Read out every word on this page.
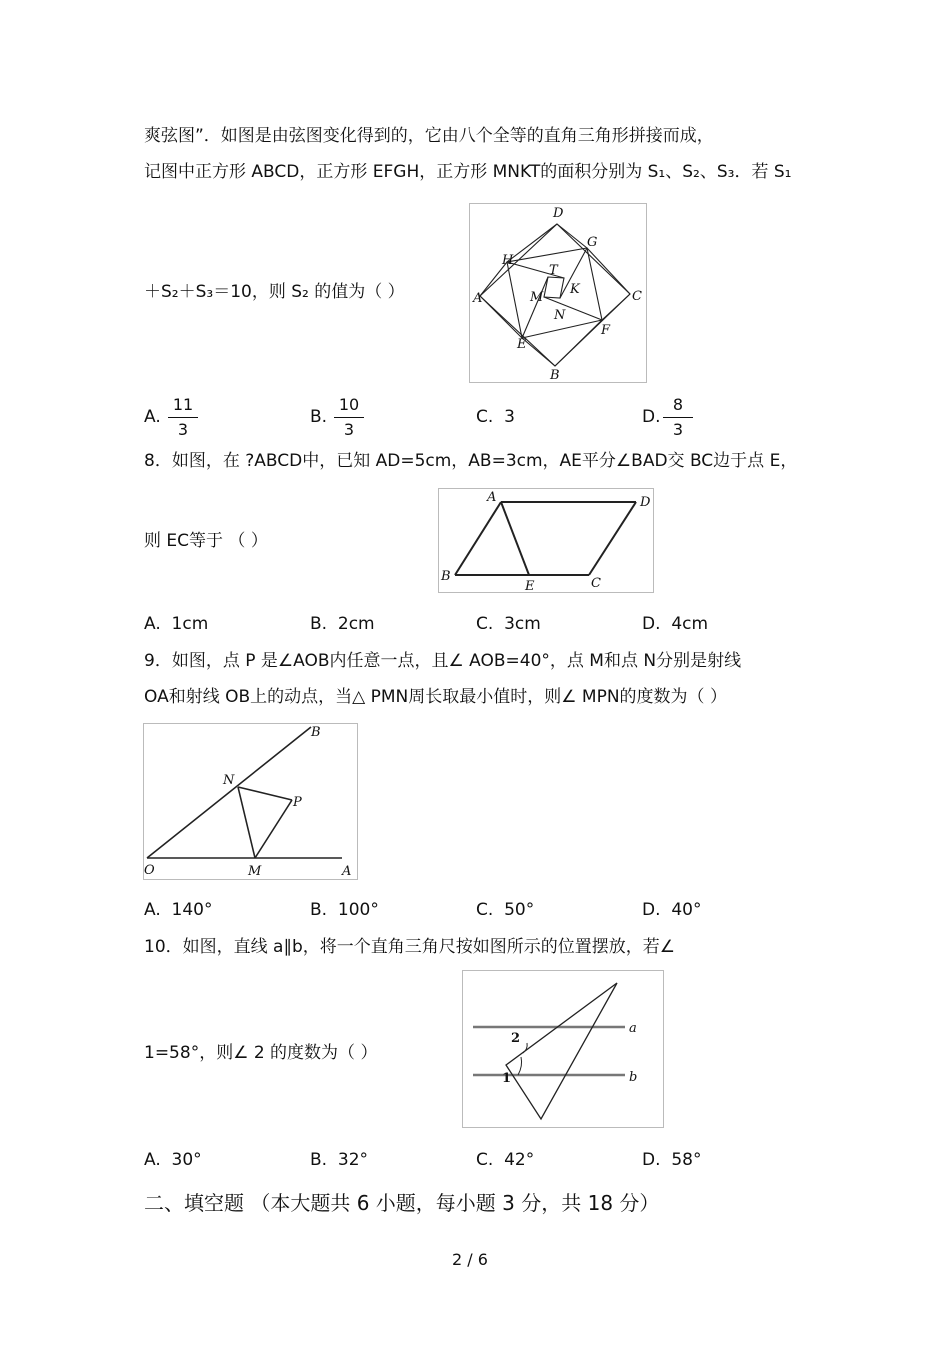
爽弦图”．如图是由弦图变化得到的，它由八个全等的直角三角形拼接而成，
记图中正方形 ABCD，正方形 EFGH，正方形 MNKT的面积分别为 S₁、S₂、S₃．若 S₁
＋S₂＋S₃＝10，则 S₂ 的值为（ ）
D
G
H
T
K
M
N
A	C
E
F
B
A.
11
3
B.
10
3
C. 3	D.
8
3
8．如图，在 ?ABCD中，已知 AD=5cm，AB=3cm，AE平分∠BAD交 BC边于点 E，
则 EC等于 （ ）
A	D
B
E	C
A. 1cm	B. 2cm	C. 3cm	D. 4cm
9．如图，点 P 是∠AOB内任意一点，且∠ AOB=40°，点 M和点 N分别是射线
OA和射线 OB上的动点，当△ PMN周长取最小值时，则∠ MPN的度数为（ ）
B
N
P
O	M	A
A. 140°	B. 100°	C. 50°	D. 40°
10．如图，直线 a∥b，将一个直角三角尺按如图所示的位置摆放，若∠
1=58°，则∠ 2 的度数为（ ）
2
a
1	b
A. 30°	B. 32°	C. 42°	D. 58°
二、填空题 （本大题共 6 小题，每小题 3 分，共 18 分）
2 / 6
